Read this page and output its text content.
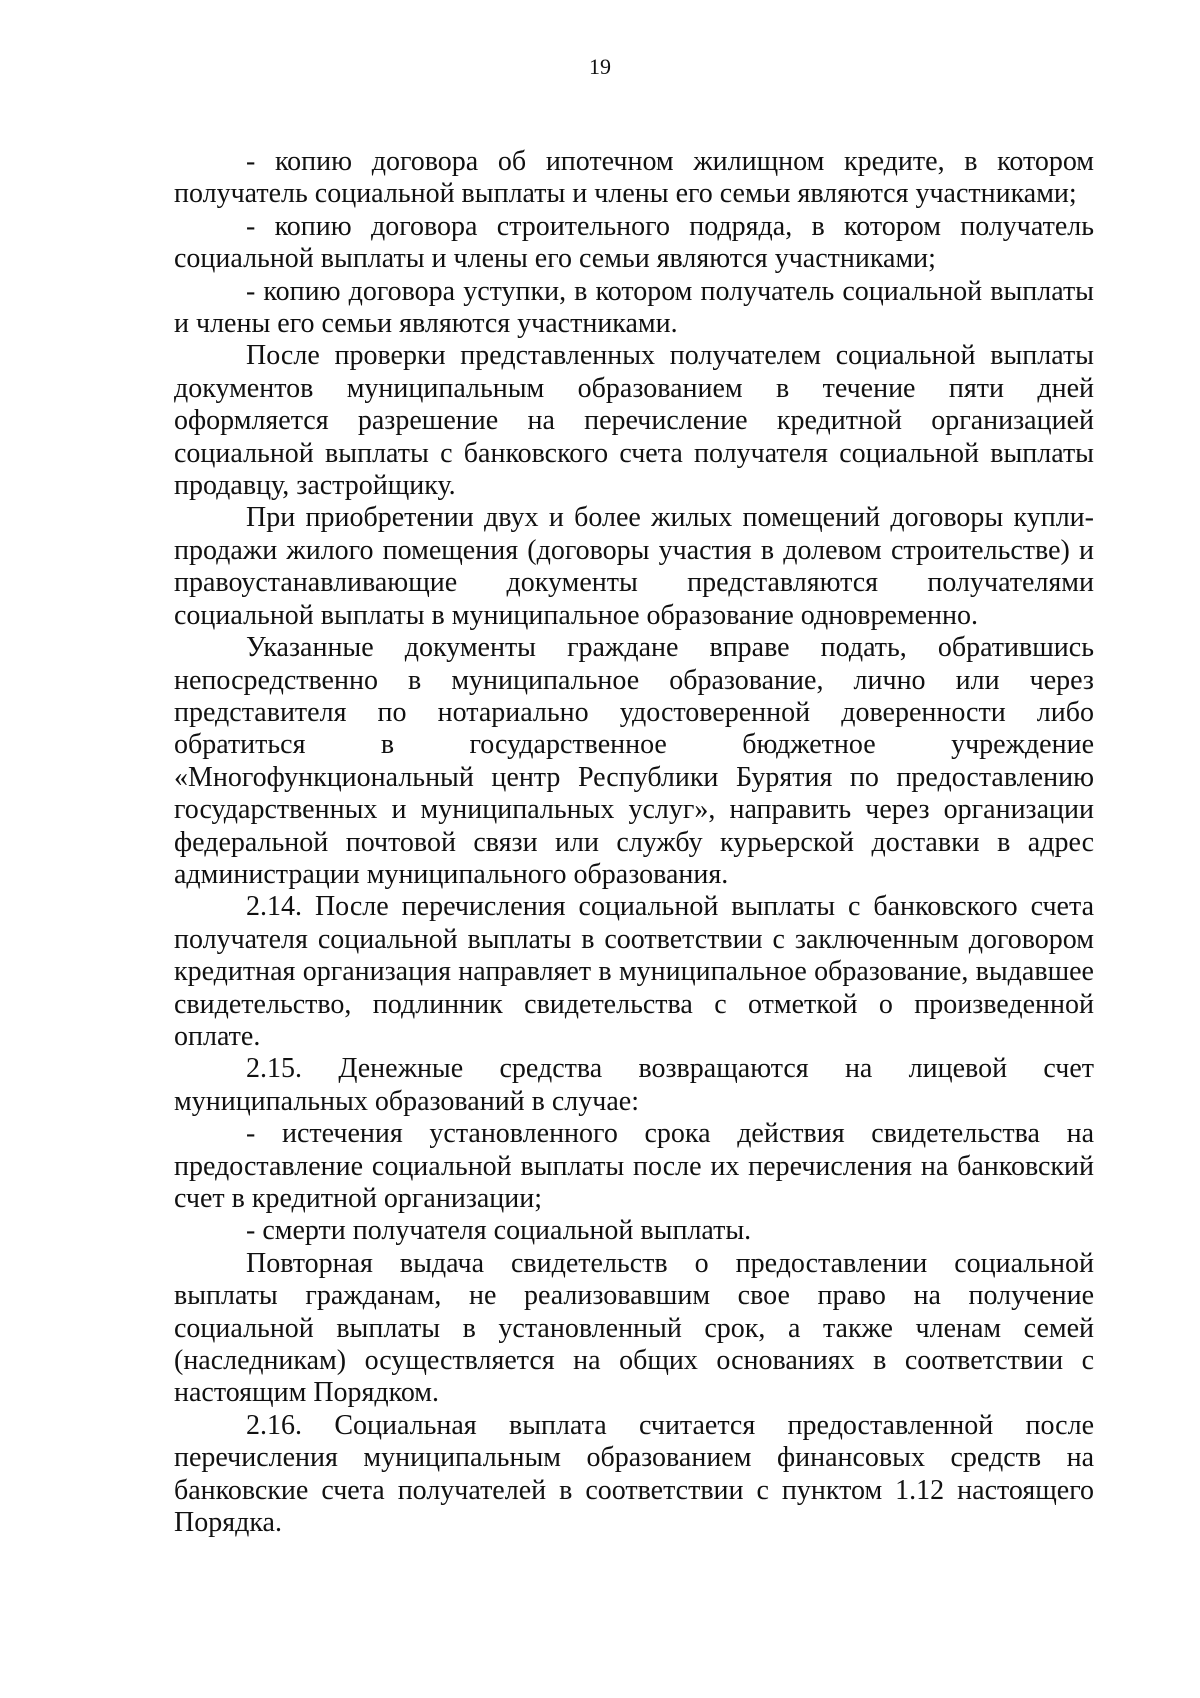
19

- копию договора об ипотечном жилищном кредите, в котором получатель социальной выплаты и члены его семьи являются участниками;

- копию договора строительного подряда, в котором получатель социальной выплаты и члены его семьи являются участниками;

- копию договора уступки, в котором получатель социальной выплаты и члены его семьи являются участниками.

После проверки представленных получателем социальной выплаты документов муниципальным образованием в течение пяти дней оформляется разрешение на перечисление кредитной организацией социальной выплаты с банковского счета получателя социальной выплаты продавцу, застройщику.

При приобретении двух и более жилых помещений договоры купли-продажи жилого помещения (договоры участия в долевом строительстве) и правоустанавливающие документы представляются получателями социальной выплаты в муниципальное образование одновременно.

Указанные документы граждане вправе подать, обратившись непосредственно в муниципальное образование, лично или через представителя по нотариально удостоверенной доверенности либо обратиться в государственное бюджетное учреждение «Многофункциональный центр Республики Бурятия по предоставлению государственных и муниципальных услуг», направить через организации федеральной почтовой связи или службу курьерской доставки в адрес администрации муниципального образования.

2.14. После перечисления социальной выплаты с банковского счета получателя социальной выплаты в соответствии с заключенным договором кредитная организация направляет в муниципальное образование, выдавшее свидетельство, подлинник свидетельства с отметкой о произведенной оплате.

2.15. Денежные средства возвращаются на лицевой счет муниципальных образований в случае:

- истечения установленного срока действия свидетельства на предоставление социальной выплаты после их перечисления на банковский счет в кредитной организации;

- смерти получателя социальной выплаты.

Повторная выдача свидетельств о предоставлении социальной выплаты гражданам, не реализовавшим свое право на получение социальной выплаты в установленный срок, а также членам семей (наследникам) осуществляется на общих основаниях в соответствии с настоящим Порядком.

2.16. Социальная выплата считается предоставленной после перечисления муниципальным образованием финансовых средств на банковские счета получателей в соответствии с пунктом 1.12 настоящего Порядка.
